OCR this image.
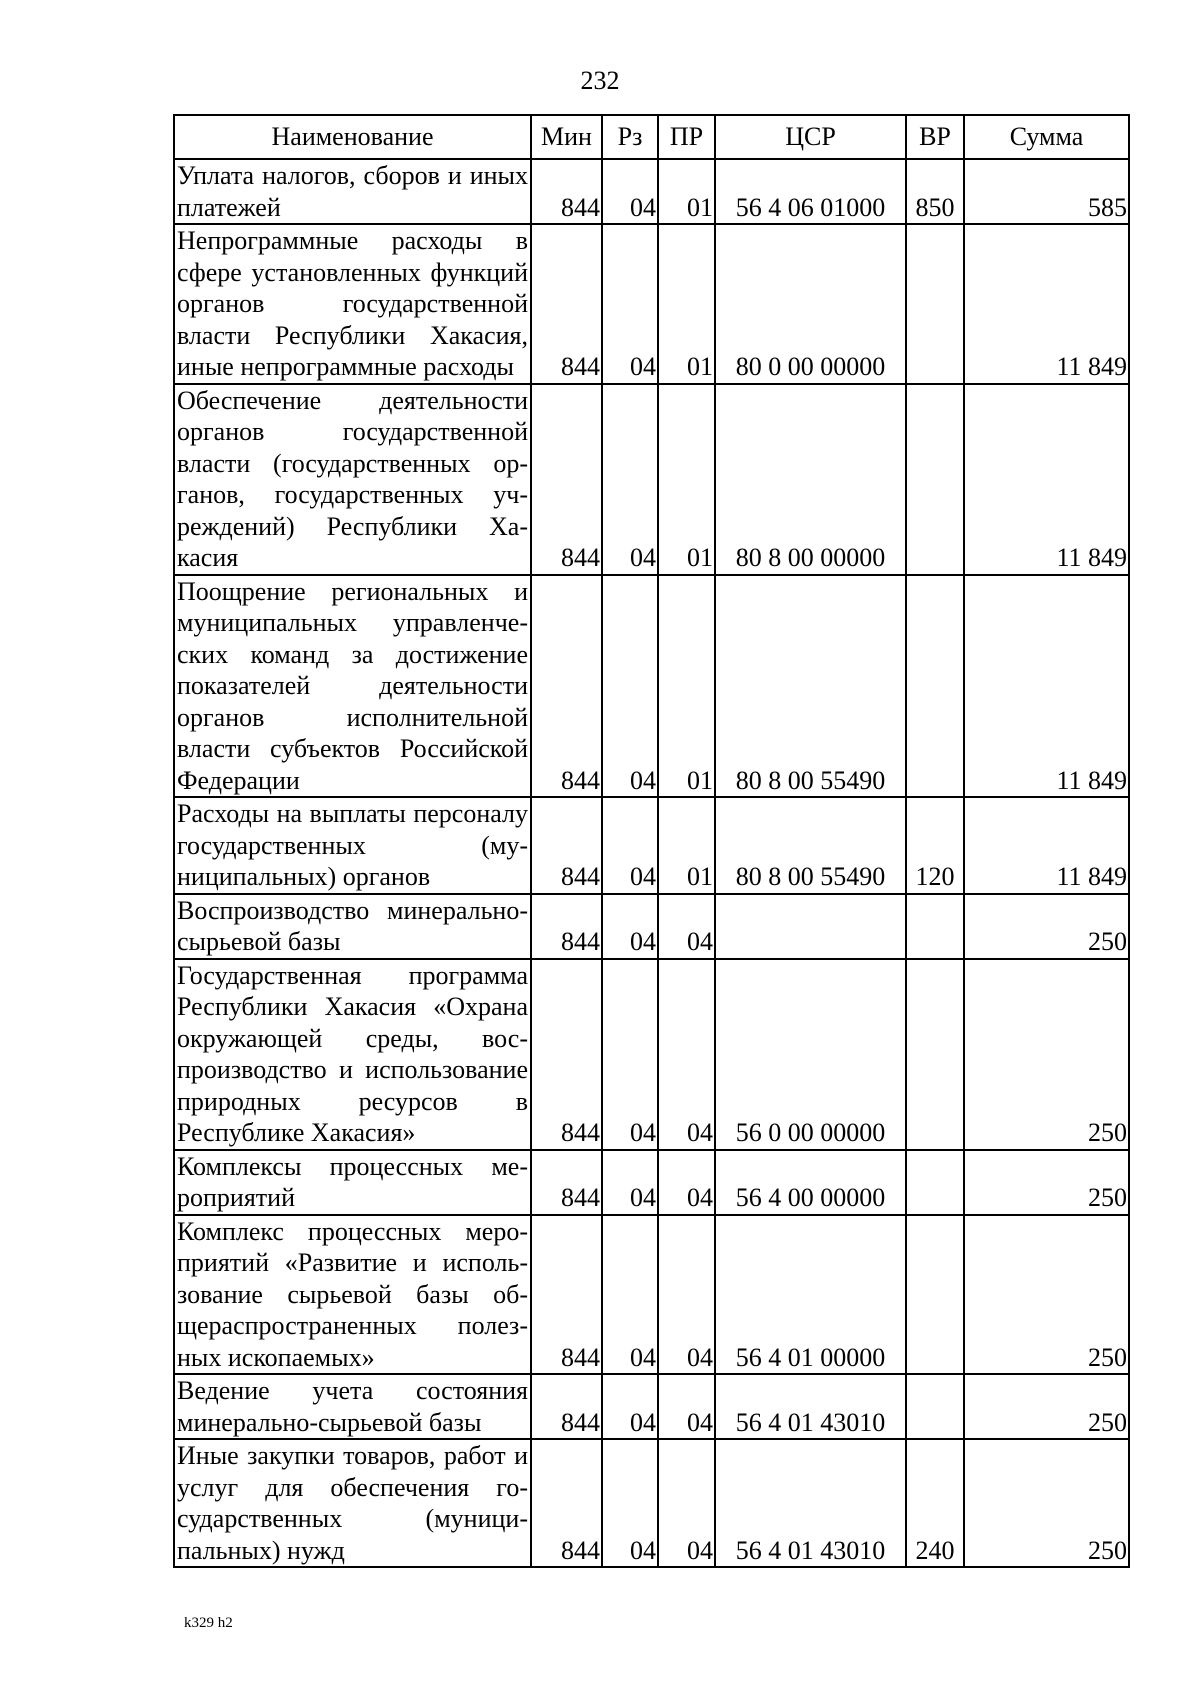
232
Наименование	Мин	Рз	ПР	ЦСР	ВР	Сумма
Уплата налогов, сборов и иных платежей	844	04	01	56 4 06 01000	850	585
Непрограммные расходы в сфере установленных функций органов государственной власти Республики Хакасия, иные непрограммные расходы	844	04	01	80 0 00 00000		11 849
Обеспечение деятельности органов государственной власти (государственных органов, государственных учреждений) Республики Хакасия	844	04	01	80 8 00 00000		11 849
Поощрение региональных и муниципальных управленческих команд за достижение показателей деятельности органов исполнительной власти субъектов Российской Федерации	844	04	01	80 8 00 55490		11 849
Расходы на выплаты персоналу государственных (муниципальных) органов	844	04	01	80 8 00 55490	120	11 849
Воспроизводство минерально-сырьевой базы	844	04	04			250
Государственная программа Республики Хакасия «Охрана окружающей среды, воспроизводство и использование природных ресурсов в Республике Хакасия»	844	04	04	56 0 00 00000		250
Комплексы процессных мероприятий	844	04	04	56 4 00 00000		250
Комплекс процессных мероприятий «Развитие и использование сырьевой базы общераспространенных полезных ископаемых»	844	04	04	56 4 01 00000		250
Ведение учета состояния минерально-сырьевой базы	844	04	04	56 4 01 43010		250
Иные закупки товаров, работ и услуг для обеспечения государственных (муниципальных) нужд	844	04	04	56 4 01 43010	240	250
k329 h2
